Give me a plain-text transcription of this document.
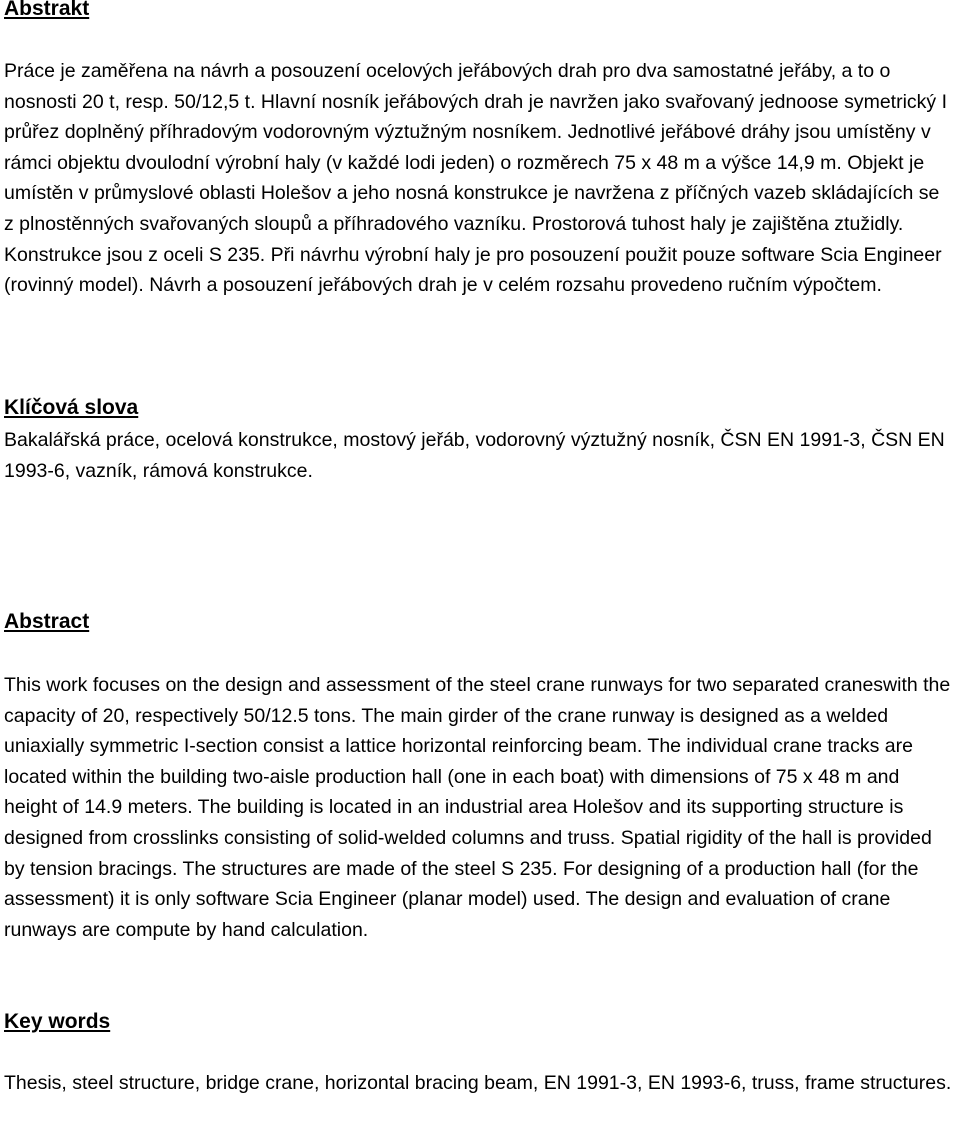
Abstrakt

Práce je zaměřena na návrh a posouzení ocelových jeřábových drah pro dva samostatné jeřáby, a to o nosnosti 20 t, resp. 50/12,5 t. Hlavní nosník jeřábových drah je navržen jako svařovaný jednoose symetrický I průřez doplněný příhradovým vodorovným výztužným nosníkem. Jednotlivé jeřábové dráhy jsou umístěny v rámci objektu dvoulodní výrobní haly (v každé lodi jeden) o rozměrech 75 x 48 m a výšce 14,9 m. Objekt je umístěn v průmyslové oblasti Holešov a jeho nosná konstrukce je navržena z příčných vazeb skládajících se z plnostěnných svařovaných sloupů a příhradového vazníku. Prostorová tuhost haly je zajištěna ztužidly. Konstrukce jsou z oceli S 235. Při návrhu výrobní haly je pro posouzení použit pouze software Scia Engineer (rovinný model). Návrh a posouzení jeřábových drah je v celém rozsahu provedeno ručním výpočtem.

Klíčová slova

Bakalářská práce, ocelová konstrukce, mostový jeřáb, vodorovný výztužný nosník, ČSN EN 1991-3, ČSN EN 1993-6, vazník, rámová konstrukce.

Abstract

This work focuses on the design and assessment of the steel crane runways for two separated craneswith the capacity of 20, respectively 50/12.5 tons. The main girder of the crane runway is designed as a welded uniaxially symmetric I-section consist a lattice horizontal reinforcing beam. The individual crane tracks are located within the building two-aisle production hall (one in each boat) with dimensions of 75 x 48 m and height of 14.9 meters. The building is located in an industrial area Holešov and its supporting structure is designed from crosslinks consisting of solid-welded columns and truss. Spatial rigidity of the hall is provided by tension bracings. The structures are made of the steel S 235. For designing of a production hall (for the assessment) it is only software Scia Engineer (planar model) used. The design and evaluation of crane runways are compute by hand calculation.

Key words

Thesis, steel structure, bridge crane, horizontal bracing beam, EN 1991-3, EN 1993-6, truss, frame structures.
